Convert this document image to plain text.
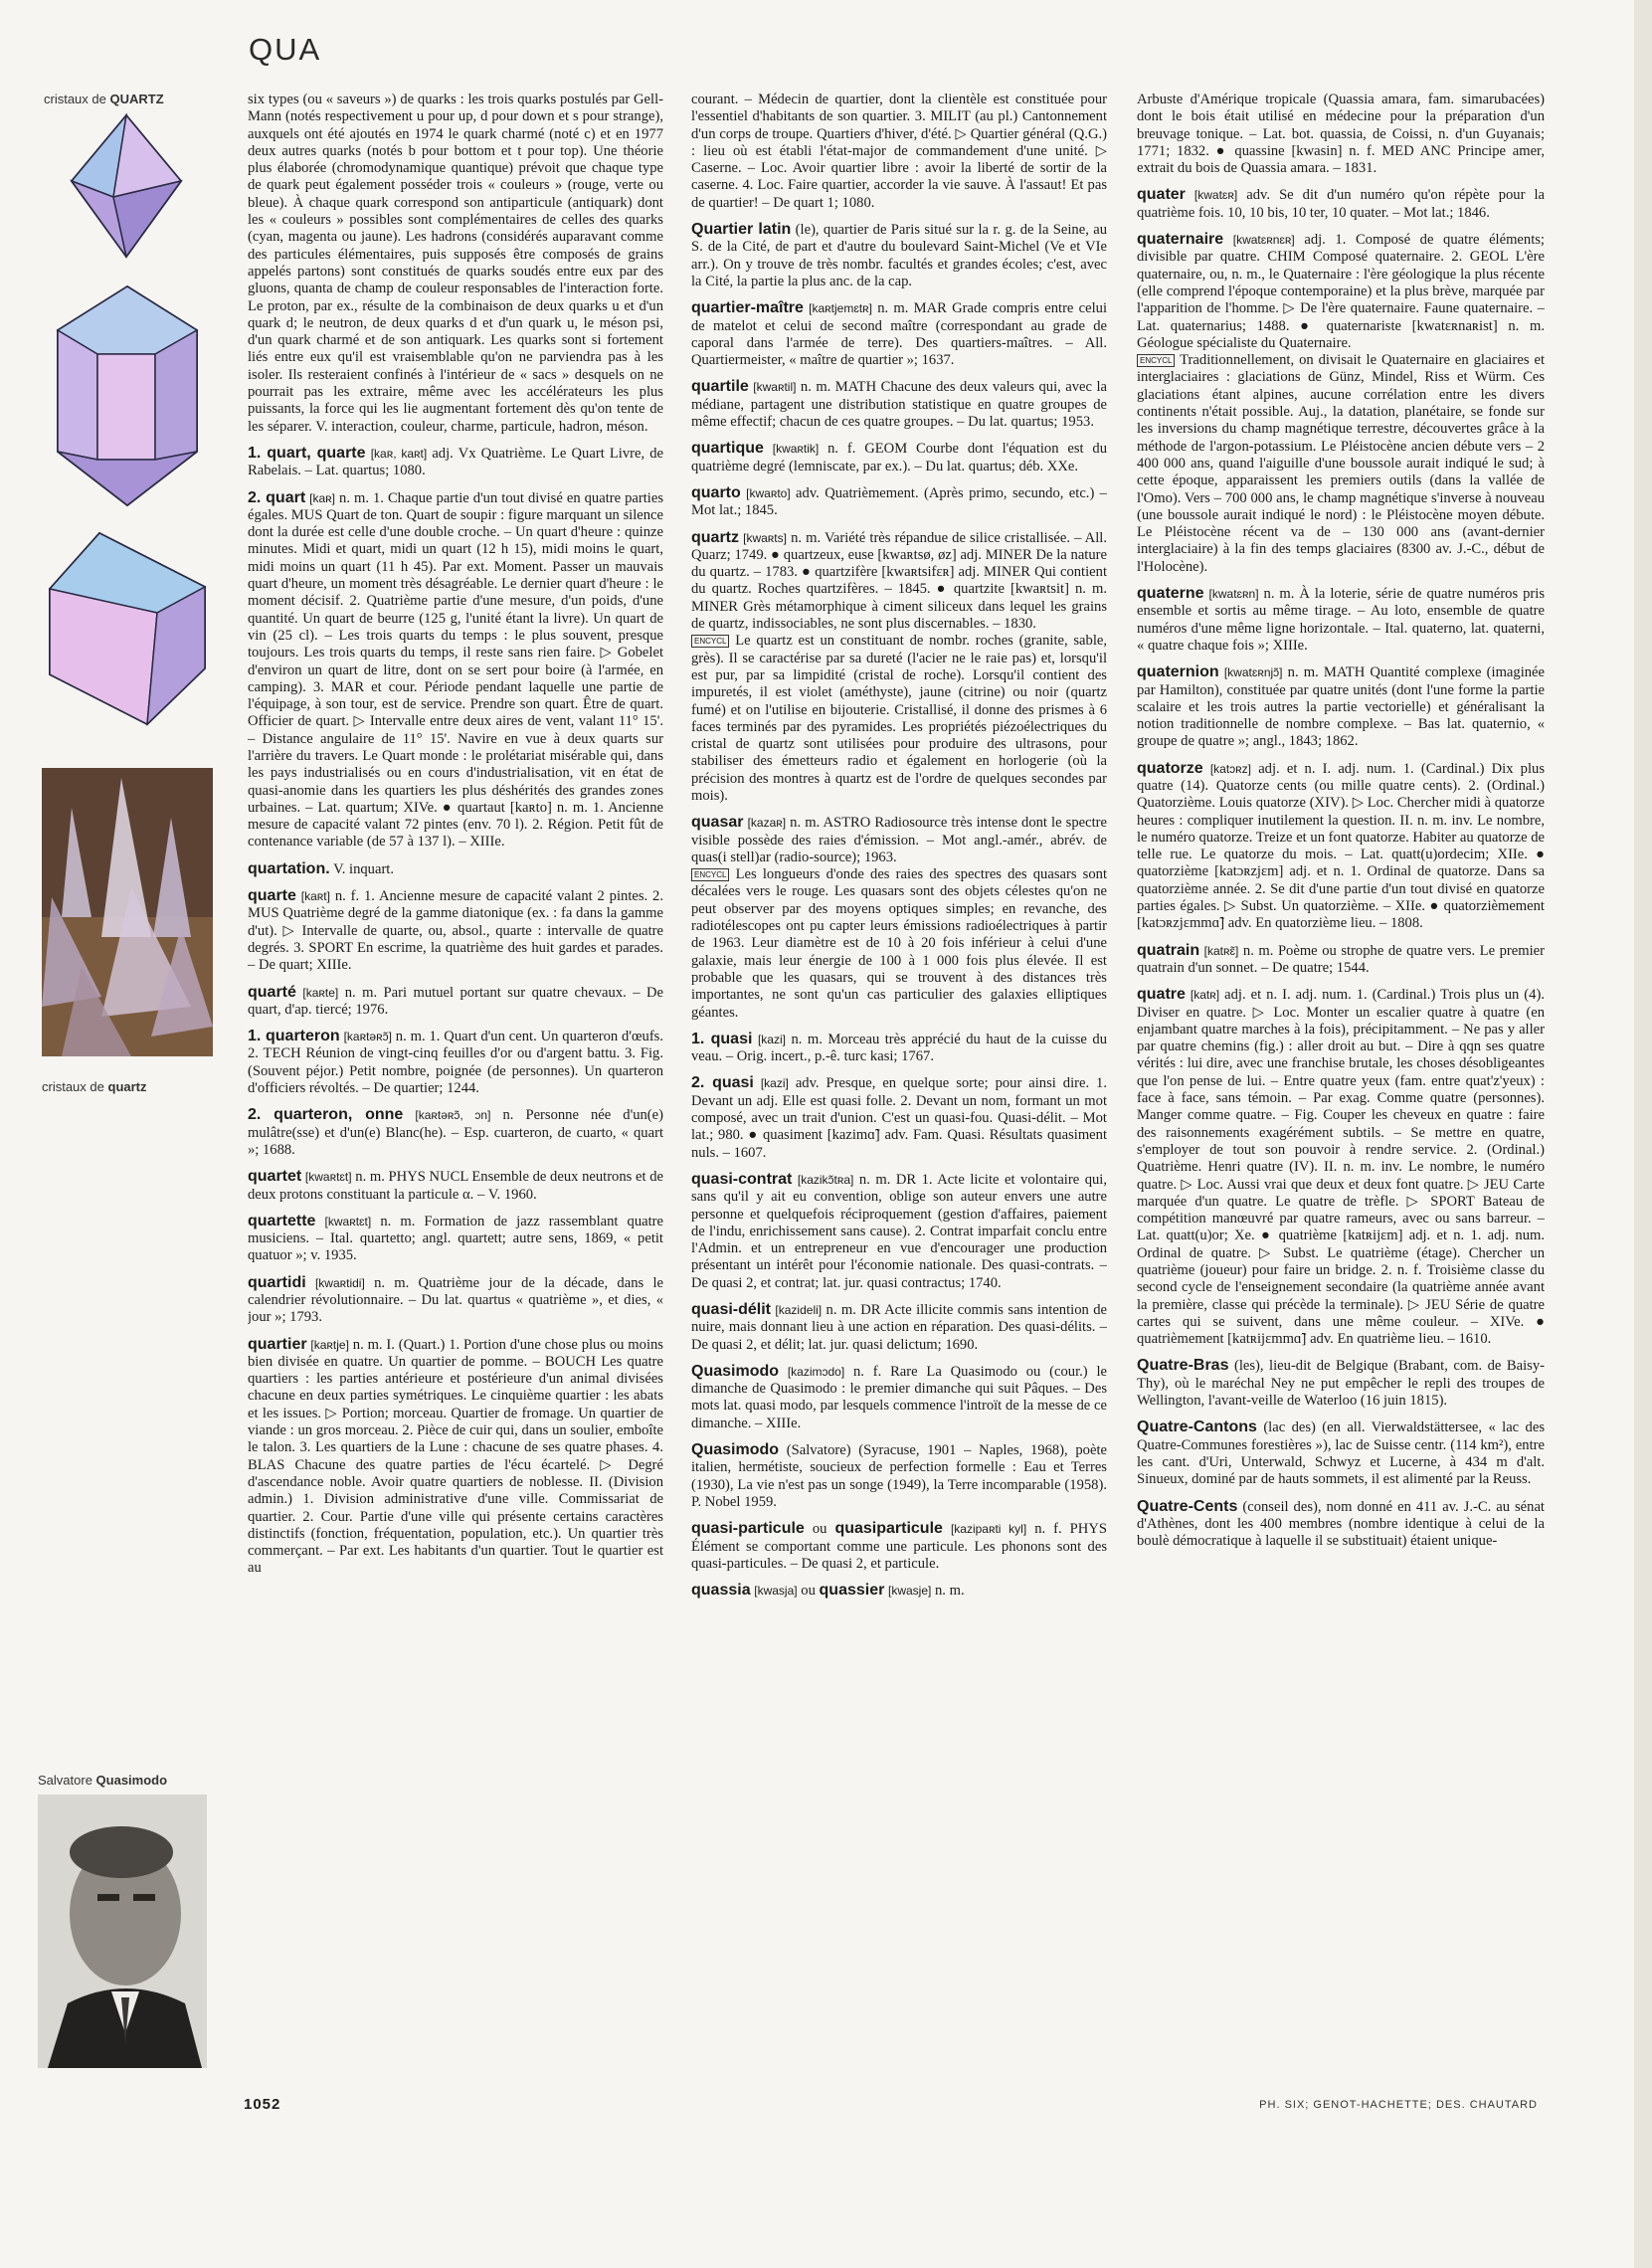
QUA
cristaux de QUARTZ
cristaux de quartz
Salvatore Quasimodo

six types (ou « saveurs ») de quarks : les trois quarks postulés par Gell-Mann (notés respectivement u pour up, d pour down et s pour strange), auxquels ont été ajoutés en 1974 le quark charmé (noté c) et en 1977 deux autres quarks (notés b pour bottom et t pour top). Une théorie plus élaborée (chromodynamique quantique) prévoit que chaque type de quark peut également posséder trois « couleurs » (rouge, verte ou bleue). À chaque quark correspond son antiparticule (antiquark) dont les « couleurs » possibles sont complémentaires de celles des quarks (cyan, magenta ou jaune). Les hadrons (considérés auparavant comme des particules élémentaires, puis supposés être composés de grains appelés partons) sont constitués de quarks soudés entre eux par des gluons, quanta de champ de couleur responsables de l'interaction forte. Le proton, par ex., résulte de la combinaison de deux quarks u et d'un quark d; le neutron, de deux quarks d et d'un quark u, le méson psi, d'un quark charmé et de son antiquark. Les quarks sont si fortement liés entre eux qu'il est vraisemblable qu'on ne parviendra pas à les isoler. Ils resteraient confinés à l'intérieur de « sacs » desquels on ne pourrait pas les extraire, même avec les accélérateurs les plus puissants, la force qui les lie augmentant fortement dès qu'on tente de les séparer. V. interaction, couleur, charme, particule, hadron, méson.

1. quart, quarte [kaʀ, kaʀt] adj. Vx Quatrième. Le Quart Livre, de Rabelais. – Lat. quartus; 1080.

2. quart [kaʀ] n. m. 1. Chaque partie d'un tout divisé en quatre parties égales. MUS Quart de ton. Quart de soupir : figure marquant un silence dont la durée est celle d'une double croche. – Un quart d'heure : quinze minutes. Midi et quart, midi un quart (12 h 15), midi moins le quart, midi moins un quart (11 h 45). Par ext. Moment. Passer un mauvais quart d'heure, un moment très désagréable. Le dernier quart d'heure : le moment décisif. 2. Quatrième partie d'une mesure, d'un poids, d'une quantité. Un quart de beurre (125 g, l'unité étant la livre). Un quart de vin (25 cl). – Les trois quarts du temps : le plus souvent, presque toujours. Les trois quarts du temps, il reste sans rien faire. ▷ Gobelet d'environ un quart de litre, dont on se sert pour boire (à l'armée, en camping). 3. MAR et cour. Période pendant laquelle une partie de l'équipage, à son tour, est de service. Prendre son quart. Être de quart. Officier de quart. ▷ Intervalle entre deux aires de vent, valant 11° 15'. – Distance angulaire de 11° 15'. Navire en vue à deux quarts sur l'arrière du travers. Le Quart monde : le prolétariat misérable qui, dans les pays industrialisés ou en cours d'industrialisation, vit en état de quasi-anomie dans les quartiers les plus déshérités des grandes zones urbaines. – Lat. quartum; XIVe. ● quartaut [kaʀto] n. m. 1. Ancienne mesure de capacité valant 72 pintes (env. 70 l). 2. Région. Petit fût de contenance variable (de 57 à 137 l). – XIIIe.

quartation. V. inquart.

quarte [kaʀt] n. f. 1. Ancienne mesure de capacité valant 2 pintes. 2. MUS Quatrième degré de la gamme diatonique (ex. : fa dans la gamme d'ut). ▷ Intervalle de quarte, ou, absol., quarte : intervalle de quatre degrés. 3. SPORT En escrime, la quatrième des huit gardes et parades. – De quart; XIIIe.

quarté [kaʀte] n. m. Pari mutuel portant sur quatre chevaux. – De quart, d'ap. tiercé; 1976.

1. quarteron [kaʀtəʀɔ̃] n. m. 1. Quart d'un cent. Un quarteron d'œufs. 2. TECH Réunion de vingt-cinq feuilles d'or ou d'argent battu. 3. Fig. (Souvent péjor.) Petit nombre, poignée (de personnes). Un quarteron d'officiers révoltés. – De quartier; 1244.

2. quarteron, onne [kaʀtəʀɔ̃, ɔn] n. Personne née d'un(e) mulâtre(sse) et d'un(e) Blanc(he). – Esp. cuarteron, de cuarto, « quart »; 1688.

quartet [kwaʀtɛt] n. m. PHYS NUCL Ensemble de deux neutrons et de deux protons constituant la particule α. – V. 1960.

quartette [kwaʀtɛt] n. m. Formation de jazz rassemblant quatre musiciens. – Ital. quartetto; angl. quartett; autre sens, 1869, « petit quatuor »; v. 1935.

quartidi [kwaʀtidi] n. m. Quatrième jour de la décade, dans le calendrier révolutionnaire. – Du lat. quartus « quatrième », et dies, « jour »; 1793.

quartier [kaʀtje] n. m. I. (Quart.) 1. Portion d'une chose plus ou moins bien divisée en quatre. Un quartier de pomme. – BOUCH Les quatre quartiers : les parties antérieure et postérieure d'un animal divisées chacune en deux parties symétriques. Le cinquième quartier : les abats et les issues. ▷ Portion; morceau. Quartier de fromage. Un quartier de viande : un gros morceau. 2. Pièce de cuir qui, dans un soulier, emboîte le talon. 3. Les quartiers de la Lune : chacune de ses quatre phases. 4. BLAS Chacune des quatre parties de l'écu écartelé. ▷ Degré d'ascendance noble. Avoir quatre quartiers de noblesse. II. (Division admin.) 1. Division administrative d'une ville. Commissariat de quartier. 2. Cour. Partie d'une ville qui présente certains caractères distinctifs (fonction, fréquentation, population, etc.). Un quartier très commerçant. – Par ext. Les habitants d'un quartier. Tout le quartier est au

courant. – Médecin de quartier, dont la clientèle est constituée pour l'essentiel d'habitants de son quartier. 3. MILIT (au pl.) Cantonnement d'un corps de troupe. Quartiers d'hiver, d'été. ▷ Quartier général (Q.G.) : lieu où est établi l'état-major de commandement d'une unité. ▷ Caserne. – Loc. Avoir quartier libre : avoir la liberté de sortir de la caserne. 4. Loc. Faire quartier, accorder la vie sauve. À l'assaut! Et pas de quartier! – De quart 1; 1080.

Quartier latin (le), quartier de Paris situé sur la r. g. de la Seine, au S. de la Cité, de part et d'autre du boulevard Saint-Michel (Ve et VIe arr.). On y trouve de très nombr. facultés et grandes écoles; c'est, avec la Cité, la partie la plus anc. de la cap.

quartier-maître [kaʀtjemɛtʀ] n. m. MAR Grade compris entre celui de matelot et celui de second maître (correspondant au grade de caporal dans l'armée de terre). Des quartiers-maîtres. – All. Quartiermeister, « maître de quartier »; 1637.

quartile [kwaʀtil] n. m. MATH Chacune des deux valeurs qui, avec la médiane, partagent une distribution statistique en quatre groupes de même effectif; chacun de ces quatre groupes. – Du lat. quartus; 1953.

quartique [kwaʀtik] n. f. GEOM Courbe dont l'équation est du quatrième degré (lemniscate, par ex.). – Du lat. quartus; déb. XXe.

quarto [kwaʀto] adv. Quatrièmement. (Après primo, secundo, etc.) – Mot lat.; 1845.

quartz [kwaʀts] n. m. Variété très répandue de silice cristallisée. – All. Quarz; 1749. ● quartzeux, euse [kwaʀtsø, øz] adj. MINER De la nature du quartz. – 1783. ● quartzifère [kwaʀtsifɛʀ] adj. MINER Qui contient du quartz. Roches quartzifères. – 1845. ● quartzite [kwaʀtsit] n. m. MINER Grès métamorphique à ciment siliceux dans lequel les grains de quartz, indissociables, ne sont plus discernables. – 1830.
ENCYCL Le quartz est un constituant de nombr. roches (granite, sable, grès). Il se caractérise par sa dureté (l'acier ne le raie pas) et, lorsqu'il est pur, par sa limpidité (cristal de roche). Lorsqu'il contient des impuretés, il est violet (améthyste), jaune (citrine) ou noir (quartz fumé) et on l'utilise en bijouterie. Cristallisé, il donne des prismes à 6 faces terminés par des pyramides. Les propriétés piézoélectriques du cristal de quartz sont utilisées pour produire des ultrasons, pour stabiliser des émetteurs radio et également en horlogerie (où la précision des montres à quartz est de l'ordre de quelques secondes par mois).

quasar [kazaʀ] n. m. ASTRO Radiosource très intense dont le spectre visible possède des raies d'émission. – Mot angl.-amér., abrév. de quas(i stell)ar (radio-source); 1963.
ENCYCL Les longueurs d'onde des raies des spectres des quasars sont décalées vers le rouge. Les quasars sont des objets célestes qu'on ne peut observer par des moyens optiques simples; en revanche, des radiotélescopes ont pu capter leurs émissions radioélectriques à partir de 1963. Leur diamètre est de 10 à 20 fois inférieur à celui d'une galaxie, mais leur énergie de 100 à 1 000 fois plus élevée. Il est probable que les quasars, qui se trouvent à des distances très importantes, ne sont qu'un cas particulier des galaxies elliptiques géantes.

1. quasi [kazi] n. m. Morceau très apprécié du haut de la cuisse du veau. – Orig. incert., p.-ê. turc kasi; 1767.

2. quasi [kazi] adv. Presque, en quelque sorte; pour ainsi dire. 1. Devant un adj. Elle est quasi folle. 2. Devant un nom, formant un mot composé, avec un trait d'union. C'est un quasi-fou. Quasi-délit. – Mot lat.; 980. ● quasiment [kazimɑ̃] adv. Fam. Quasi. Résultats quasiment nuls. – 1607.

quasi-contrat [kazikɔ̃tʀa] n. m. DR 1. Acte licite et volontaire qui, sans qu'il y ait eu convention, oblige son auteur envers une autre personne et quelquefois réciproquement (gestion d'affaires, paiement de l'indu, enrichissement sans cause). 2. Contrat imparfait conclu entre l'Admin. et un entrepreneur en vue d'encourager une production présentant un intérêt pour l'économie nationale. Des quasi-contrats. – De quasi 2, et contrat; lat. jur. quasi contractus; 1740.

quasi-délit [kazideli] n. m. DR Acte illicite commis sans intention de nuire, mais donnant lieu à une action en réparation. Des quasi-délits. – De quasi 2, et délit; lat. jur. quasi delictum; 1690.

Quasimodo [kazimɔdo] n. f. Rare La Quasimodo ou (cour.) le dimanche de Quasimodo : le premier dimanche qui suit Pâques. – Des mots lat. quasi modo, par lesquels commence l'introït de la messe de ce dimanche. – XIIIe.

Quasimodo (Salvatore) (Syracuse, 1901 – Naples, 1968), poète italien, hermétiste, soucieux de perfection formelle : Eau et Terres (1930), La vie n'est pas un songe (1949), la Terre incomparable (1958). P. Nobel 1959.

quasi-particule ou quasiparticule [kazipaʀti kyl] n. f. PHYS Élément se comportant comme une particule. Les phonons sont des quasi-particules. – De quasi 2, et particule.

quassia [kwasja] ou quassier [kwasje] n. m.

Arbuste d'Amérique tropicale (Quassia amara, fam. simarubacées) dont le bois était utilisé en médecine pour la préparation d'un breuvage tonique. – Lat. bot. quassia, de Coissi, n. d'un Guyanais; 1771; 1832. ● quassine [kwasin] n. f. MED ANC Principe amer, extrait du bois de Quassia amara. – 1831.

quater [kwatɛʀ] adv. Se dit d'un numéro qu'on répète pour la quatrième fois. 10, 10 bis, 10 ter, 10 quater. – Mot lat.; 1846.

quaternaire [kwatɛʀnɛʀ] adj. 1. Composé de quatre éléments; divisible par quatre. CHIM Composé quaternaire. 2. GEOL L'ère quaternaire, ou, n. m., le Quaternaire : l'ère géologique la plus récente (elle comprend l'époque contemporaine) et la plus brève, marquée par l'apparition de l'homme. ▷ De l'ère quaternaire. Faune quaternaire. – Lat. quaternarius; 1488. ● quaternariste [kwatɛʀnaʀist] n. m. Géologue spécialiste du Quaternaire.
ENCYCL Traditionnellement, on divisait le Quaternaire en glaciaires et interglaciaires : glaciations de Günz, Mindel, Riss et Würm. Ces glaciations étant alpines, aucune corrélation entre les divers continents n'était possible. Auj., la datation, planétaire, se fonde sur les inversions du champ magnétique terrestre, découvertes grâce à la méthode de l'argon-potassium. Le Pléistocène ancien débute vers – 2 400 000 ans, quand l'aiguille d'une boussole aurait indiqué le sud; à cette époque, apparaissent les premiers outils (dans la vallée de l'Omo). Vers – 700 000 ans, le champ magnétique s'inverse à nouveau (une boussole aurait indiqué le nord) : le Pléistocène moyen débute. Le Pléistocène récent va de – 130 000 ans (avant-dernier interglaciaire) à la fin des temps glaciaires (8300 av. J.-C., début de l'Holocène).

quaterne [kwatɛʀn] n. m. À la loterie, série de quatre numéros pris ensemble et sortis au même tirage. – Au loto, ensemble de quatre numéros d'une même ligne horizontale. – Ital. quaterno, lat. quaterni, « quatre chaque fois »; XIIIe.

quaternion [kwatɛʀnjɔ̃] n. m. MATH Quantité complexe (imaginée par Hamilton), constituée par quatre unités (dont l'une forme la partie scalaire et les trois autres la partie vectorielle) et généralisant la notion traditionnelle de nombre complexe. – Bas lat. quaternio, « groupe de quatre »; angl., 1843; 1862.

quatorze [katɔʀz] adj. et n. I. adj. num. 1. (Cardinal.) Dix plus quatre (14). Quatorze cents (ou mille quatre cents). 2. (Ordinal.) Quatorzième. Louis quatorze (XIV). ▷ Loc. Chercher midi à quatorze heures : compliquer inutilement la question. II. n. m. inv. Le nombre, le numéro quatorze. Treize et un font quatorze. Habiter au quatorze de telle rue. Le quatorze du mois. – Lat. quatt(u)ordecim; XIIe. ● quatorzième [katɔʀzjɛm] adj. et n. 1. Ordinal de quatorze. Dans sa quatorzième année. 2. Se dit d'une partie d'un tout divisé en quatorze parties égales. ▷ Subst. Un quatorzième. – XIIe. ● quatorzièmement [katɔʀzjɛmmɑ̃] adv. En quatorzième lieu. – 1808.

quatrain [katʀɛ̃] n. m. Poème ou strophe de quatre vers. Le premier quatrain d'un sonnet. – De quatre; 1544.

quatre [katʀ] adj. et n. I. adj. num. 1. (Cardinal.) Trois plus un (4). Diviser en quatre. ▷ Loc. Monter un escalier quatre à quatre (en enjambant quatre marches à la fois), précipitamment. – Ne pas y aller par quatre chemins (fig.) : aller droit au but. – Dire à qqn ses quatre vérités : lui dire, avec une franchise brutale, les choses désobligeantes que l'on pense de lui. – Entre quatre yeux (fam. entre quat'z'yeux) : face à face, sans témoin. – Par exag. Comme quatre (personnes). Manger comme quatre. – Fig. Couper les cheveux en quatre : faire des raisonnements exagérément subtils. – Se mettre en quatre, s'employer de tout son pouvoir à rendre service. 2. (Ordinal.) Quatrième. Henri quatre (IV). II. n. m. inv. Le nombre, le numéro quatre. ▷ Loc. Aussi vrai que deux et deux font quatre. ▷ JEU Carte marquée d'un quatre. Le quatre de trèfle. ▷ SPORT Bateau de compétition manœuvré par quatre rameurs, avec ou sans barreur. – Lat. quatt(u)or; Xe. ● quatrième [katʀijɛm] adj. et n. 1. adj. num. Ordinal de quatre. ▷ Subst. Le quatrième (étage). Chercher un quatrième (joueur) pour faire un bridge. 2. n. f. Troisième classe du second cycle de l'enseignement secondaire (la quatrième année avant la première, classe qui précède la terminale). ▷ JEU Série de quatre cartes qui se suivent, dans une même couleur. – XIVe. ● quatrièmement [katʀijɛmmɑ̃] adv. En quatrième lieu. – 1610.

Quatre-Bras (les), lieu-dit de Belgique (Brabant, com. de Baisy-Thy), où le maréchal Ney ne put empêcher le repli des troupes de Wellington, l'avant-veille de Waterloo (16 juin 1815).

Quatre-Cantons (lac des) (en all. Vierwaldstättersee, « lac des Quatre-Communes forestières »), lac de Suisse centr. (114 km²), entre les cant. d'Uri, Unterwald, Schwyz et Lucerne, à 434 m d'alt. Sinueux, dominé par de hauts sommets, il est alimenté par la Reuss.

Quatre-Cents (conseil des), nom donné en 411 av. J.-C. au sénat d'Athènes, dont les 400 membres (nombre identique à celui de la boulè démocratique à laquelle il se substituait) étaient unique-

1052	PH. SIX; GENOT-HACHETTE; DES. CHAUTARD
